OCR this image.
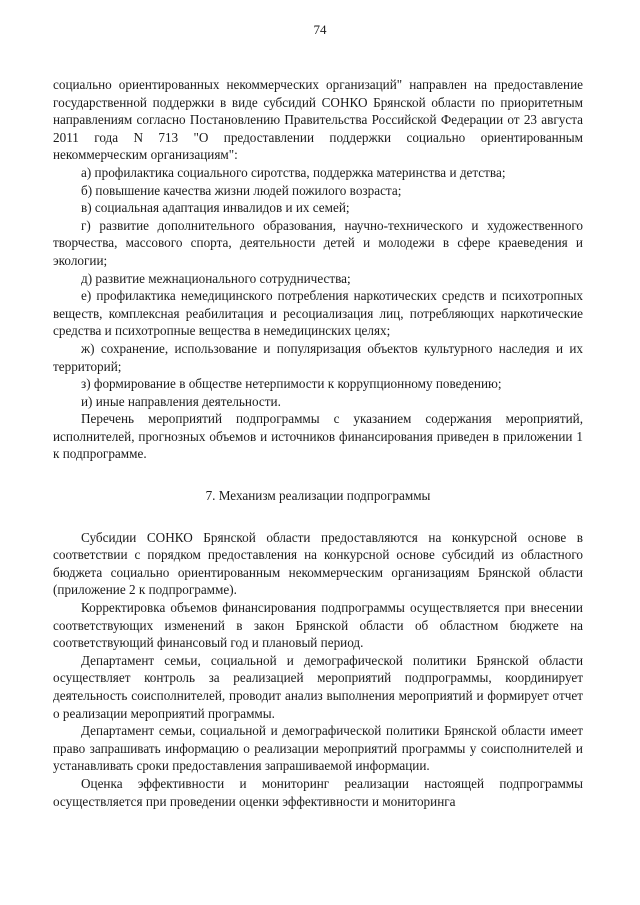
74

социально ориентированных некоммерческих организаций" направлен на предоставление государственной поддержки в виде субсидий СОНКО Брянской области по приоритетным направлениям согласно Постановлению Правительства Российской Федерации от 23 августа 2011 года N 713 "О предоставлении поддержки социально ориентированным некоммерческим организациям":

а) профилактика социального сиротства, поддержка материнства и детства;

б) повышение качества жизни людей пожилого возраста;

в) социальная адаптация инвалидов и их семей;

г) развитие дополнительного образования, научно-технического и художественного творчества, массового спорта, деятельности детей и молодежи в сфере краеведения и экологии;

д) развитие межнационального сотрудничества;

е) профилактика немедицинского потребления наркотических средств и психотропных веществ, комплексная реабилитация и ресоциализация лиц, потребляющих наркотические средства и психотропные вещества в немедицинских целях;

ж) сохранение, использование и популяризация объектов культурного наследия и их территорий;

з) формирование в обществе нетерпимости к коррупционному поведению;

и) иные направления деятельности.

Перечень мероприятий подпрограммы с указанием содержания мероприятий, исполнителей, прогнозных объемов и источников финансирования приведен в приложении 1 к подпрограмме.

7. Механизм реализации подпрограммы

Субсидии СОНКО Брянской области предоставляются на конкурсной основе в соответствии с порядком предоставления на конкурсной основе субсидий из областного бюджета социально ориентированным некоммерческим организациям Брянской области (приложение 2 к подпрограмме).

Корректировка объемов финансирования подпрограммы осуществляется при внесении соответствующих изменений в закон Брянской области об областном бюджете на соответствующий финансовый год и плановый период.

Департамент семьи, социальной и демографической политики Брянской области осуществляет контроль за реализацией мероприятий подпрограммы, координирует деятельность соисполнителей, проводит анализ выполнения мероприятий и формирует отчет о реализации мероприятий программы.

Департамент семьи, социальной и демографической политики Брянской области имеет право запрашивать информацию о реализации мероприятий программы у соисполнителей и устанавливать сроки предоставления запрашиваемой информации.

Оценка эффективности и мониторинг реализации настоящей подпрограммы осуществляется при проведении оценки эффективности и мониторинга
